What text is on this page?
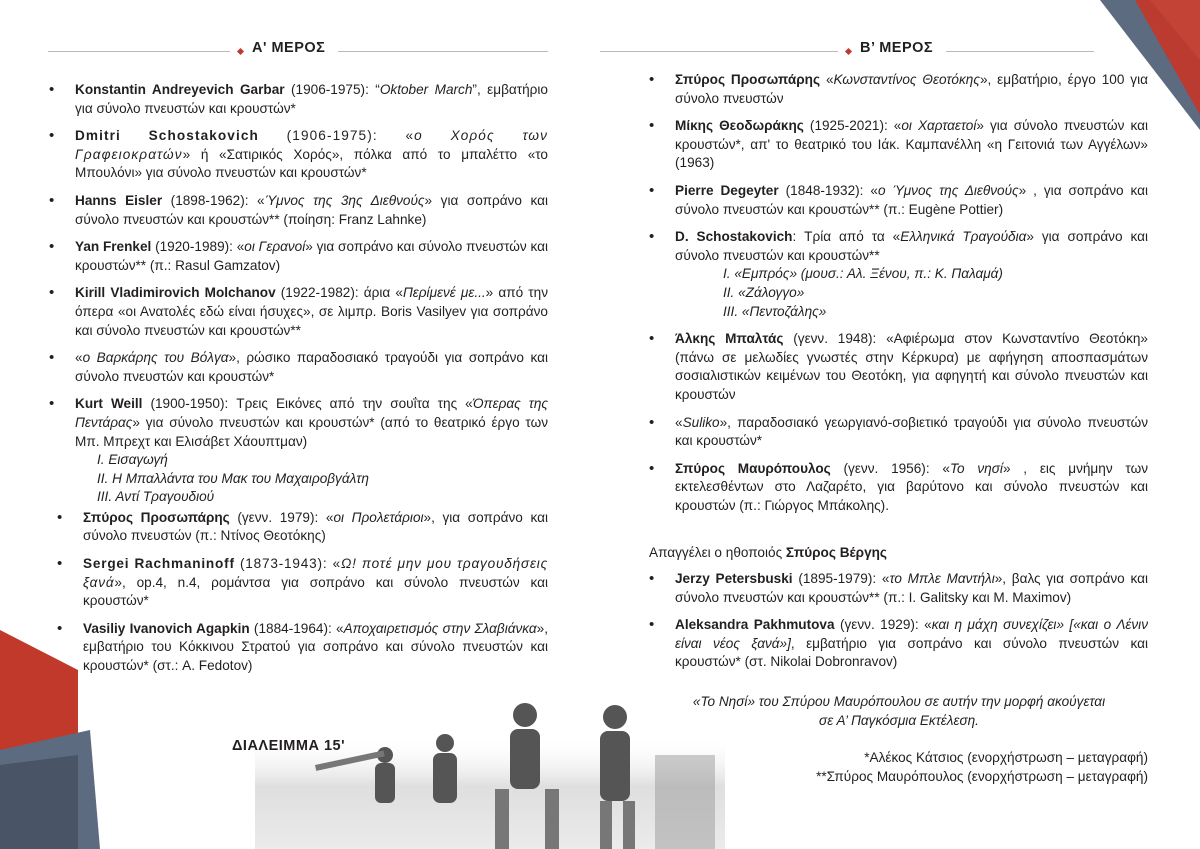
Α' ΜΕΡΟΣ
• Konstantin Andreyevich Garbar (1906-1975): “Oktober March”, εμβατήριο για σύνολο πνευστών και κρουστών*
• Dmitri Schostakovich (1906-1975): «ο Χορός των Γραφειοκρατών» ή «Σατιρικός Χορός», πόλκα από το μπαλέττο «το Μπουλόνι» για σύνολο πνευστών και κρουστών*
• Hanns Eisler (1898-1962): «Ύμνος της 3ης Διεθνούς» για σοπράνο και σύνολο πνευστών και κρουστών** (ποίηση: Franz Lahnke)
• Yan Frenkel (1920-1989): «οι Γερανοί» για σοπράνο και σύνολο πνευστών και κρουστών** (π.: Rasul Gamzatov)
• Kirill Vladimirovich Molchanov (1922-1982): άρια «Περίμενέ με...» από την όπερα «οι Ανατολές εδώ είναι ήσυχες», σε λιμπρ. Boris Vasilyev για σοπράνο και σύνολο πνευστών και κρουστών**
• «ο Βαρκάρης του Βόλγα», ρώσικο παραδοσιακό τραγούδι για σοπράνο και σύνολο πνευστών και κρουστών*
• Kurt Weill (1900-1950): Τρεις Εικόνες από την σουΐτα της «Όπερας της Πεντάρας» για σύνολο πνευστών και κρουστών* (από το θεατρικό έργο των Μπ. Μπρεχτ και Ελισάβετ Χάουπτμαν)
Ι. Εισαγωγή
ΙΙ. Η Μπαλλάντα του Μακ του Μαχαιροβγάλτη
ΙΙΙ. Αντί Τραγουδιού
• Σπύρος Προσωπάρης (γενν. 1979): «οι Προλετάριοι», για σοπράνο και σύνολο πνευστών (π.: Ντίνος Θεοτόκης)
• Sergei Rachmaninoff (1873-1943): «Ω! ποτέ μην μου τραγουδήσεις ξανά», op.4, n.4, ρομάντσα για σοπράνο και σύνολο πνευστών και κρουστών*
• Vasiliy Ivanovich Agapkin (1884-1964): «Αποχαιρετισμός στην Σλαβιάνκα», εμβατήριο του Κόκκινου Στρατού για σοπράνο και σύνολο πνευστών και κρουστών* (στ.: A. Fedotov)
ΔΙΑΛΕΙΜΜΑ 15'
Β’ ΜΕΡΟΣ
• Σπύρος Προσωπάρης «Κωνσταντίνος Θεοτόκης», εμβατήριο, έργο 100 για σύνολο πνευστών
• Μίκης Θεοδωράκης (1925-2021): «οι Χαρταετοί» για σύνολο πνευστών και κρουστών*, απ' το θεατρικό του Ιάκ. Καμπανέλλη «η Γειτονιά των Αγγέλων» (1963)
• Pierre Degeyter (1848-1932): «ο Ύμνος της Διεθνούς» , για σοπράνο και σύνολο πνευστών και κρουστών** (π.: Eugène Pottier)
• D. Schostakovich: Τρία από τα «Ελληνικά Τραγούδια» για σοπράνο και σύνολο πνευστών και κρουστών**
I. «Εμπρός» (μουσ.: Αλ. Ξένου, π.: Κ. Παλαμά)
II. «Ζάλογγο»
III. «Πεντοζάλης»
• Άλκης Μπαλτάς (γενν. 1948): «Αφιέρωμα στον Κωνσταντίνο Θεοτόκη» (πάνω σε μελωδίες γνωστές στην Κέρκυρα) με αφήγηση αποσπασμάτων σοσιαλιστικών κειμένων του Θεοτόκη, για αφηγητή και σύνολο πνευστών και κρουστών
• «Suliko», παραδοσιακό γεωργιανό-σοβιετικό τραγούδι για σύνολο πνευστών και κρουστών*
• Σπύρος Μαυρόπουλος (γενν. 1956): «Το νησί» , εις μνήμην των εκτελεσθέντων στο Λαζαρέτο, για βαρύτονο και σύνολο πνευστών και κρουστών (π.: Γιώργος Μπάκολης).
Απαγγέλει ο ηθοποιός Σπύρος Βέργης
• Jerzy Petersbuski (1895-1979): «το Μπλε Μαντήλι», βαλς για σοπράνο και σύνολο πνευστών και κρουστών** (π.: I. Galitsky και M. Maximov)
• Aleksandra Pakhmutova (γενν. 1929): «και η μάχη συνεχίζει» [«και ο Λένιν είναι νέος ξανά»], εμβατήριο για σοπράνο και σύνολο πνευστών και κρουστών* (στ. Nikolai Dobronravov)
«Το Νησί» του Σπύρου Μαυρόπουλου σε αυτήν την μορφή ακούγεται
σε Α’ Παγκόσμια Εκτέλεση.
*Αλέκος Κάτσιος (ενορχήστρωση – μεταγραφή)
**Σπύρος Μαυρόπουλος (ενορχήστρωση – μεταγραφή)
